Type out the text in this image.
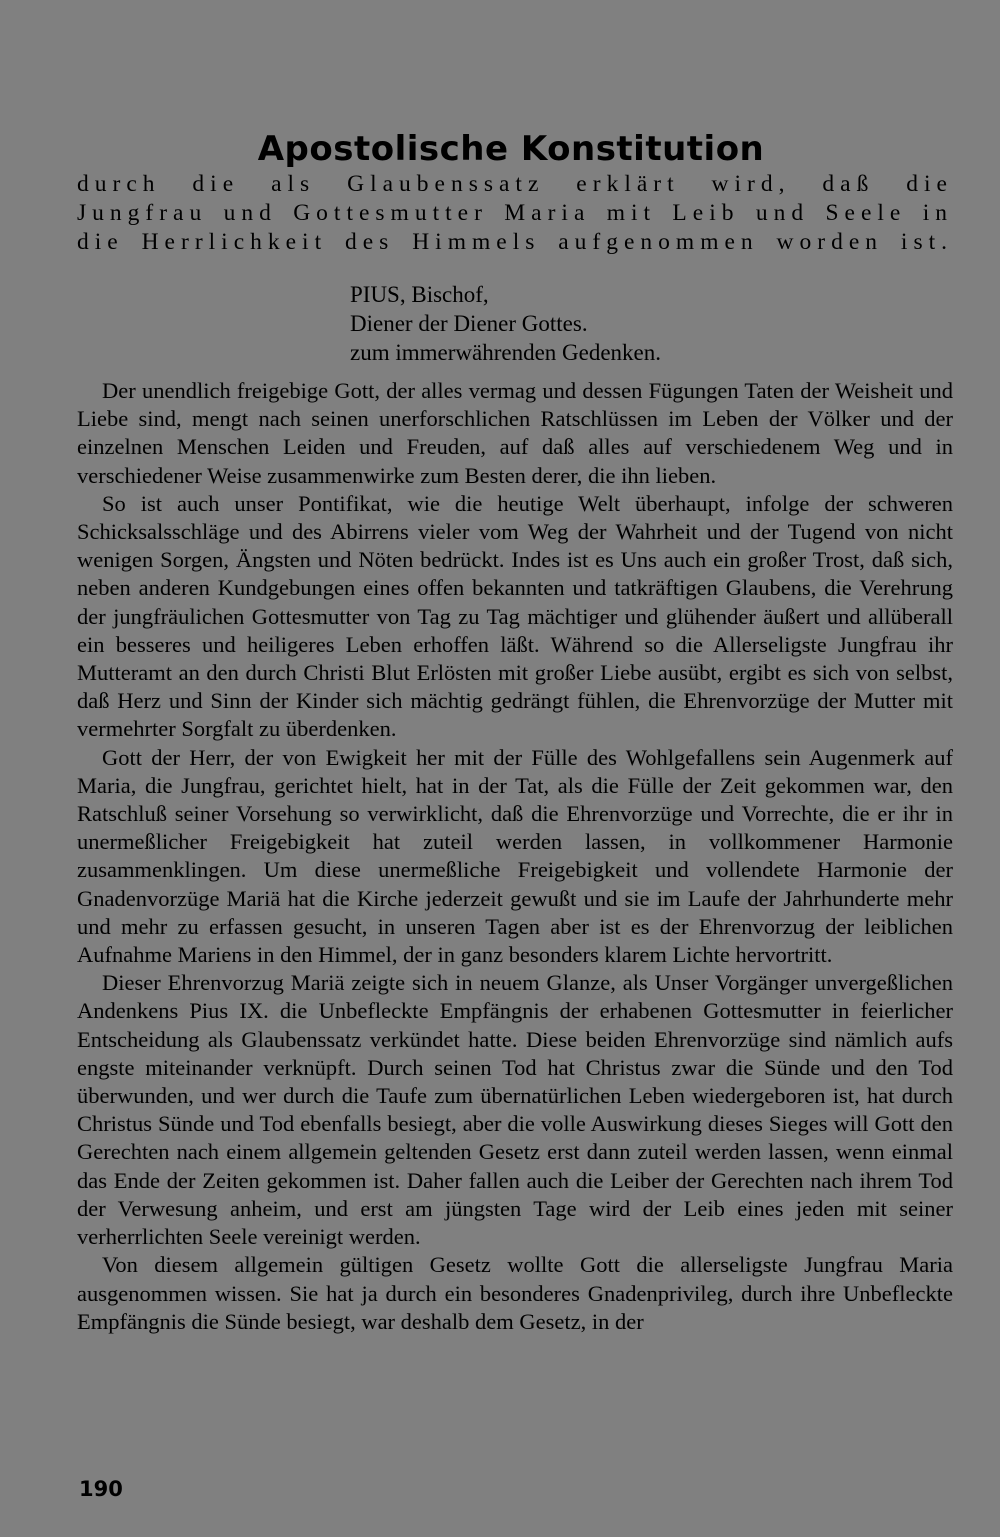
Apostolische Konstitution
durch die als Glaubenssatz erklärt wird, daß die
Jungfrau und Gottesmutter Maria mit Leib und Seele in
die Herrlichkeit des Himmels aufgenommen worden ist.
PIUS, Bischof,
Diener der Diener Gottes.
zum immerwährenden Gedenken.

Der unendlich freigebige Gott, der alles vermag und dessen Fügungen Taten der Weisheit und Liebe sind, mengt nach seinen unerforschlichen Ratschlüssen im Leben der Völker und der einzelnen Menschen Leiden und Freuden, auf daß alles auf verschiedenem Weg und in verschiedener Weise zusammenwirke zum Besten derer, die ihn lieben.

So ist auch unser Pontifikat, wie die heutige Welt überhaupt, infolge der schweren Schicksalsschläge und des Abirrens vieler vom Weg der Wahrheit und der Tugend von nicht wenigen Sorgen, Ängsten und Nöten bedrückt. Indes ist es Uns auch ein großer Trost, daß sich, neben anderen Kundgebungen eines offen bekannten und tatkräftigen Glaubens, die Verehrung der jungfräulichen Gottesmutter von Tag zu Tag mächtiger und glühender äußert und allüberall ein besseres und heiligeres Leben erhoffen läßt. Während so die Allerseligste Jungfrau ihr Mutteramt an den durch Christi Blut Erlösten mit großer Liebe ausübt, ergibt es sich von selbst, daß Herz und Sinn der Kinder sich mächtig gedrängt fühlen, die Ehrenvorzüge der Mutter mit vermehrter Sorgfalt zu überdenken.

Gott der Herr, der von Ewigkeit her mit der Fülle des Wohlgefallens sein Augenmerk auf Maria, die Jungfrau, gerichtet hielt, hat in der Tat, als die Fülle der Zeit gekommen war, den Ratschluß seiner Vorsehung so verwirklicht, daß die Ehrenvorzüge und Vorrechte, die er ihr in unermeßlicher Freigebigkeit hat zuteil werden lassen, in vollkommener Harmonie zusammenklingen. Um diese unermeßliche Freigebigkeit und vollendete Harmonie der Gnadenvorzüge Mariä hat die Kirche jederzeit gewußt und sie im Laufe der Jahrhunderte mehr und mehr zu erfassen gesucht, in unseren Tagen aber ist es der Ehrenvorzug der leiblichen Aufnahme Mariens in den Himmel, der in ganz besonders klarem Lichte hervortritt.

Dieser Ehrenvorzug Mariä zeigte sich in neuem Glanze, als Unser Vorgänger unvergeßlichen Andenkens Pius IX. die Unbefleckte Empfängnis der erhabenen Gottesmutter in feierlicher Entscheidung als Glaubenssatz verkündet hatte. Diese beiden Ehrenvorzüge sind nämlich aufs engste miteinander verknüpft. Durch seinen Tod hat Christus zwar die Sünde und den Tod überwunden, und wer durch die Taufe zum übernatürlichen Leben wiedergeboren ist, hat durch Christus Sünde und Tod ebenfalls besiegt, aber die volle Auswirkung dieses Sieges will Gott den Gerechten nach einem allgemein geltenden Gesetz erst dann zuteil werden lassen, wenn einmal das Ende der Zeiten gekommen ist. Daher fallen auch die Leiber der Gerechten nach ihrem Tod der Verwesung anheim, und erst am jüngsten Tage wird der Leib eines jeden mit seiner verherrlichten Seele vereinigt werden.

Von diesem allgemein gültigen Gesetz wollte Gott die allerseligste Jungfrau Maria ausgenommen wissen. Sie hat ja durch ein besonderes Gnadenprivileg, durch ihre Unbefleckte Empfängnis die Sünde besiegt, war deshalb dem Gesetz, in der

190
